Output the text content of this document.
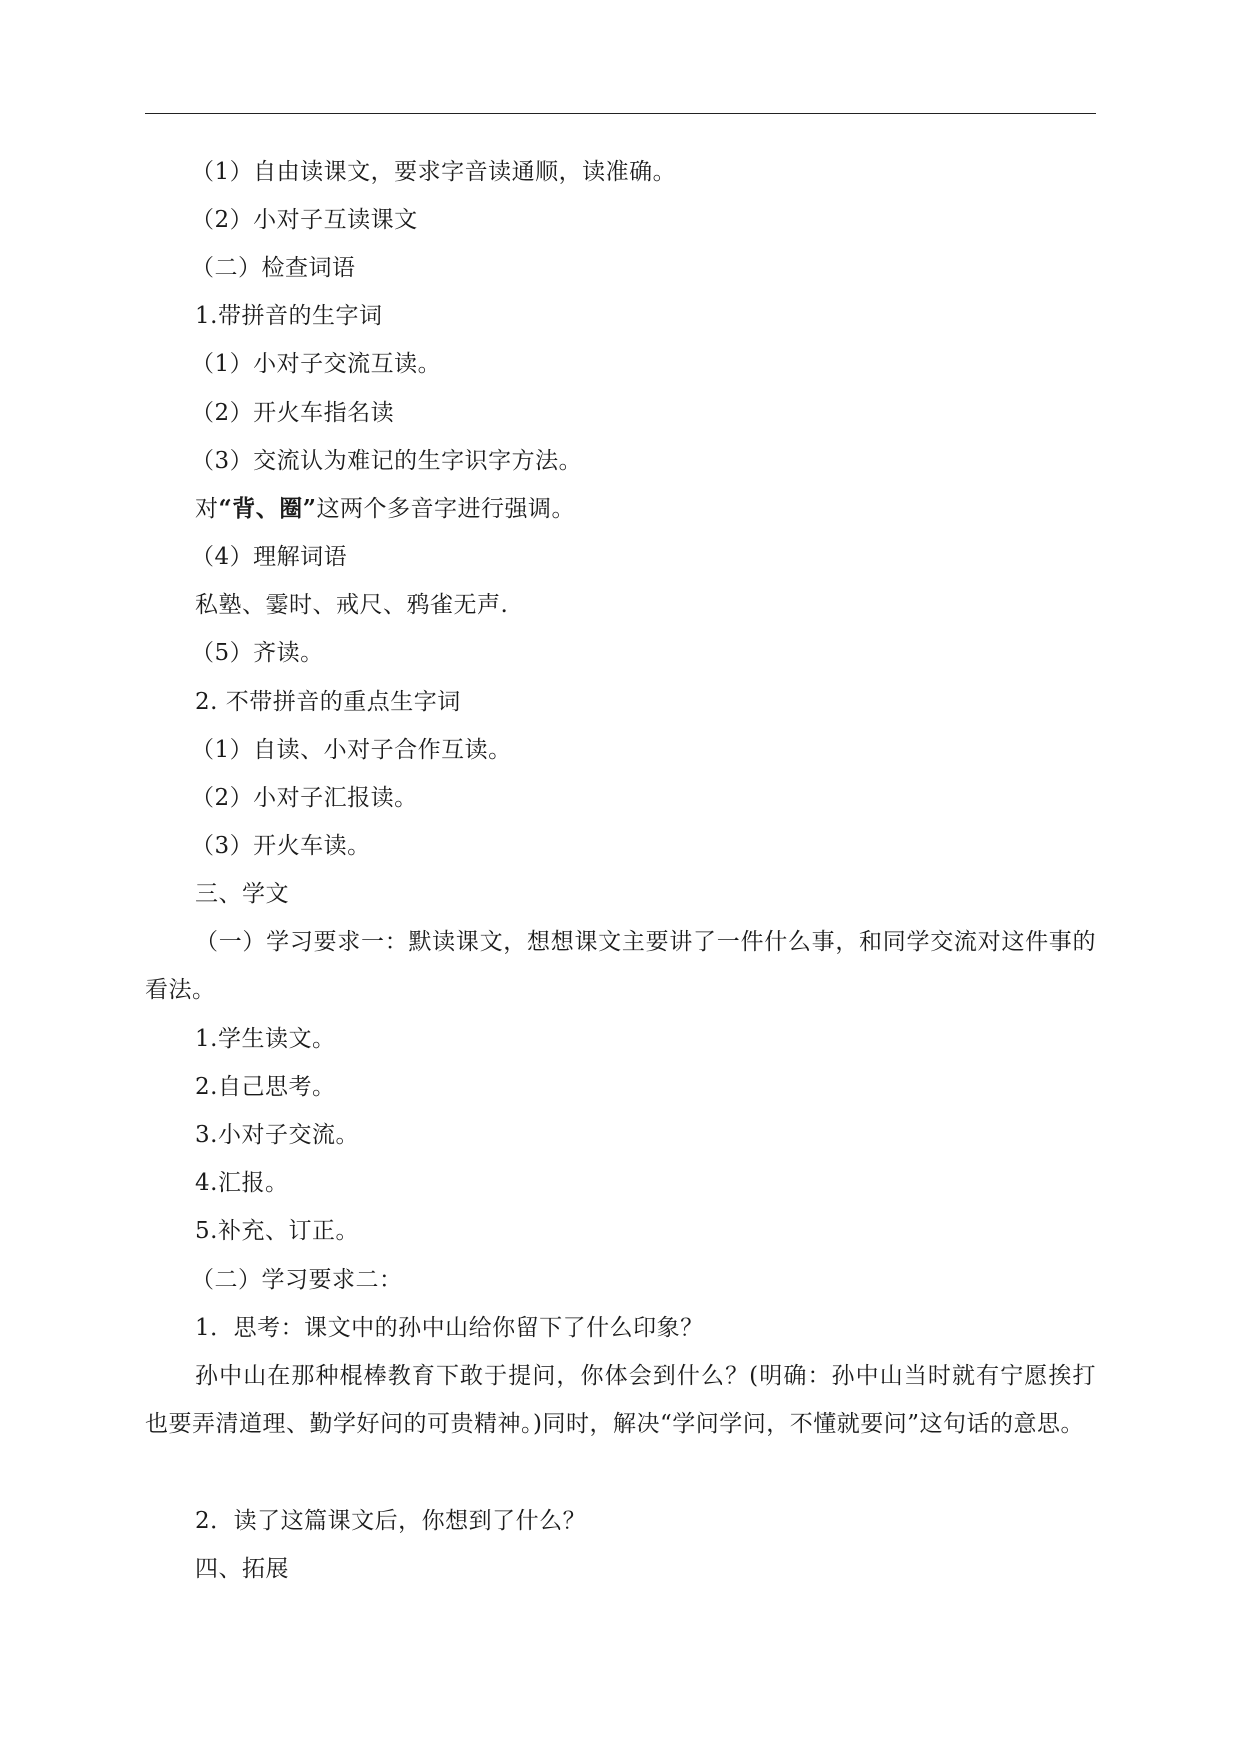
（1）自由读课文，要求字音读通顺，读准确。
（2）小对子互读课文
（二）检查词语
1.带拼音的生字词
（1）小对子交流互读。
（2）开火车指名读
（3）交流认为难记的生字识字方法。
对“背、圈”这两个多音字进行强调。
（4）理解词语
私塾、霎时、戒尺、鸦雀无声.
（5）齐读。
2. 不带拼音的重点生字词
（1）自读、小对子合作互读。
（2）小对子汇报读。
（3）开火车读。
三、学文
（一）学习要求一：默读课文，想想课文主要讲了一件什么事，和同学交流对这件事的看法。
1.学生读文。
2.自己思考。
3.小对子交流。
4.汇报。
5.补充、订正。
（二）学习要求二：
1．思考：课文中的孙中山给你留下了什么印象？
孙中山在那种棍棒教育下敢于提问，你体会到什么？(明确：孙中山当时就有宁愿挨打也要弄清道理、勤学好问的可贵精神。)同时，解决“学问学问，不懂就要问”这句话的意思。
2．读了这篇课文后，你想到了什么？
四、拓展
